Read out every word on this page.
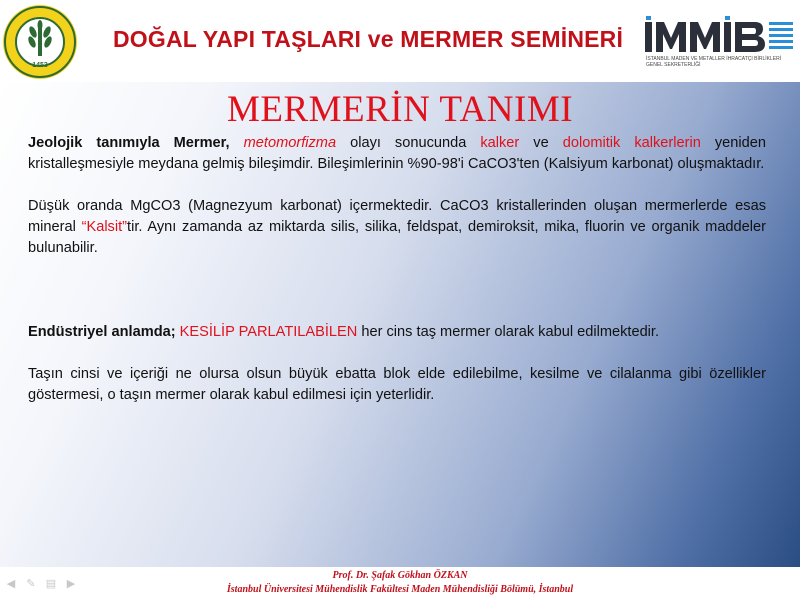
1453
DOĞAL YAPI TAŞLARI ve MERMER SEMİNERİ
İMMİB
İSTANBUL MADEN VE METALLER İHRACATÇI BİRLİKLERİ
GENEL SEKRETERLİĞİ
MERMERİN TANIMI

Jeolojik tanımıyla Mermer, metomorfizma olayı sonucunda kalker ve dolomitik kalkerlerin yeniden kristalleşmesiyle meydana gelmiş bileşimdir. Bileşimlerinin %90-98'i CaCO3'ten (Kalsiyum karbonat) oluşmaktadır.

Düşük oranda MgCO3 (Magnezyum karbonat) içermektedir. CaCO3 kristallerinden oluşan mermerlerde esas mineral “Kalsit”tir. Aynı zamanda az miktarda silis, silika, feldspat, demiroksit, mika, fluorin ve organik maddeler bulunabilir.

Endüstriyel anlamda; KESİLİP PARLATILABİLEN her cins taş mermer olarak kabul edilmektedir.

Taşın cinsi ve içeriği ne olursa olsun büyük ebatta blok elde edilebilme, kesilme ve cilalanma gibi özellikler göstermesi, o taşın mermer olarak kabul edilmesi için yeterlidir.

Prof. Dr. Şafak Gökhan ÖZKAN
İstanbul Üniversitesi Mühendislik Fakültesi Maden Mühendisliği Bölümü, İstanbul
◀ ✎ ▤ ▶
